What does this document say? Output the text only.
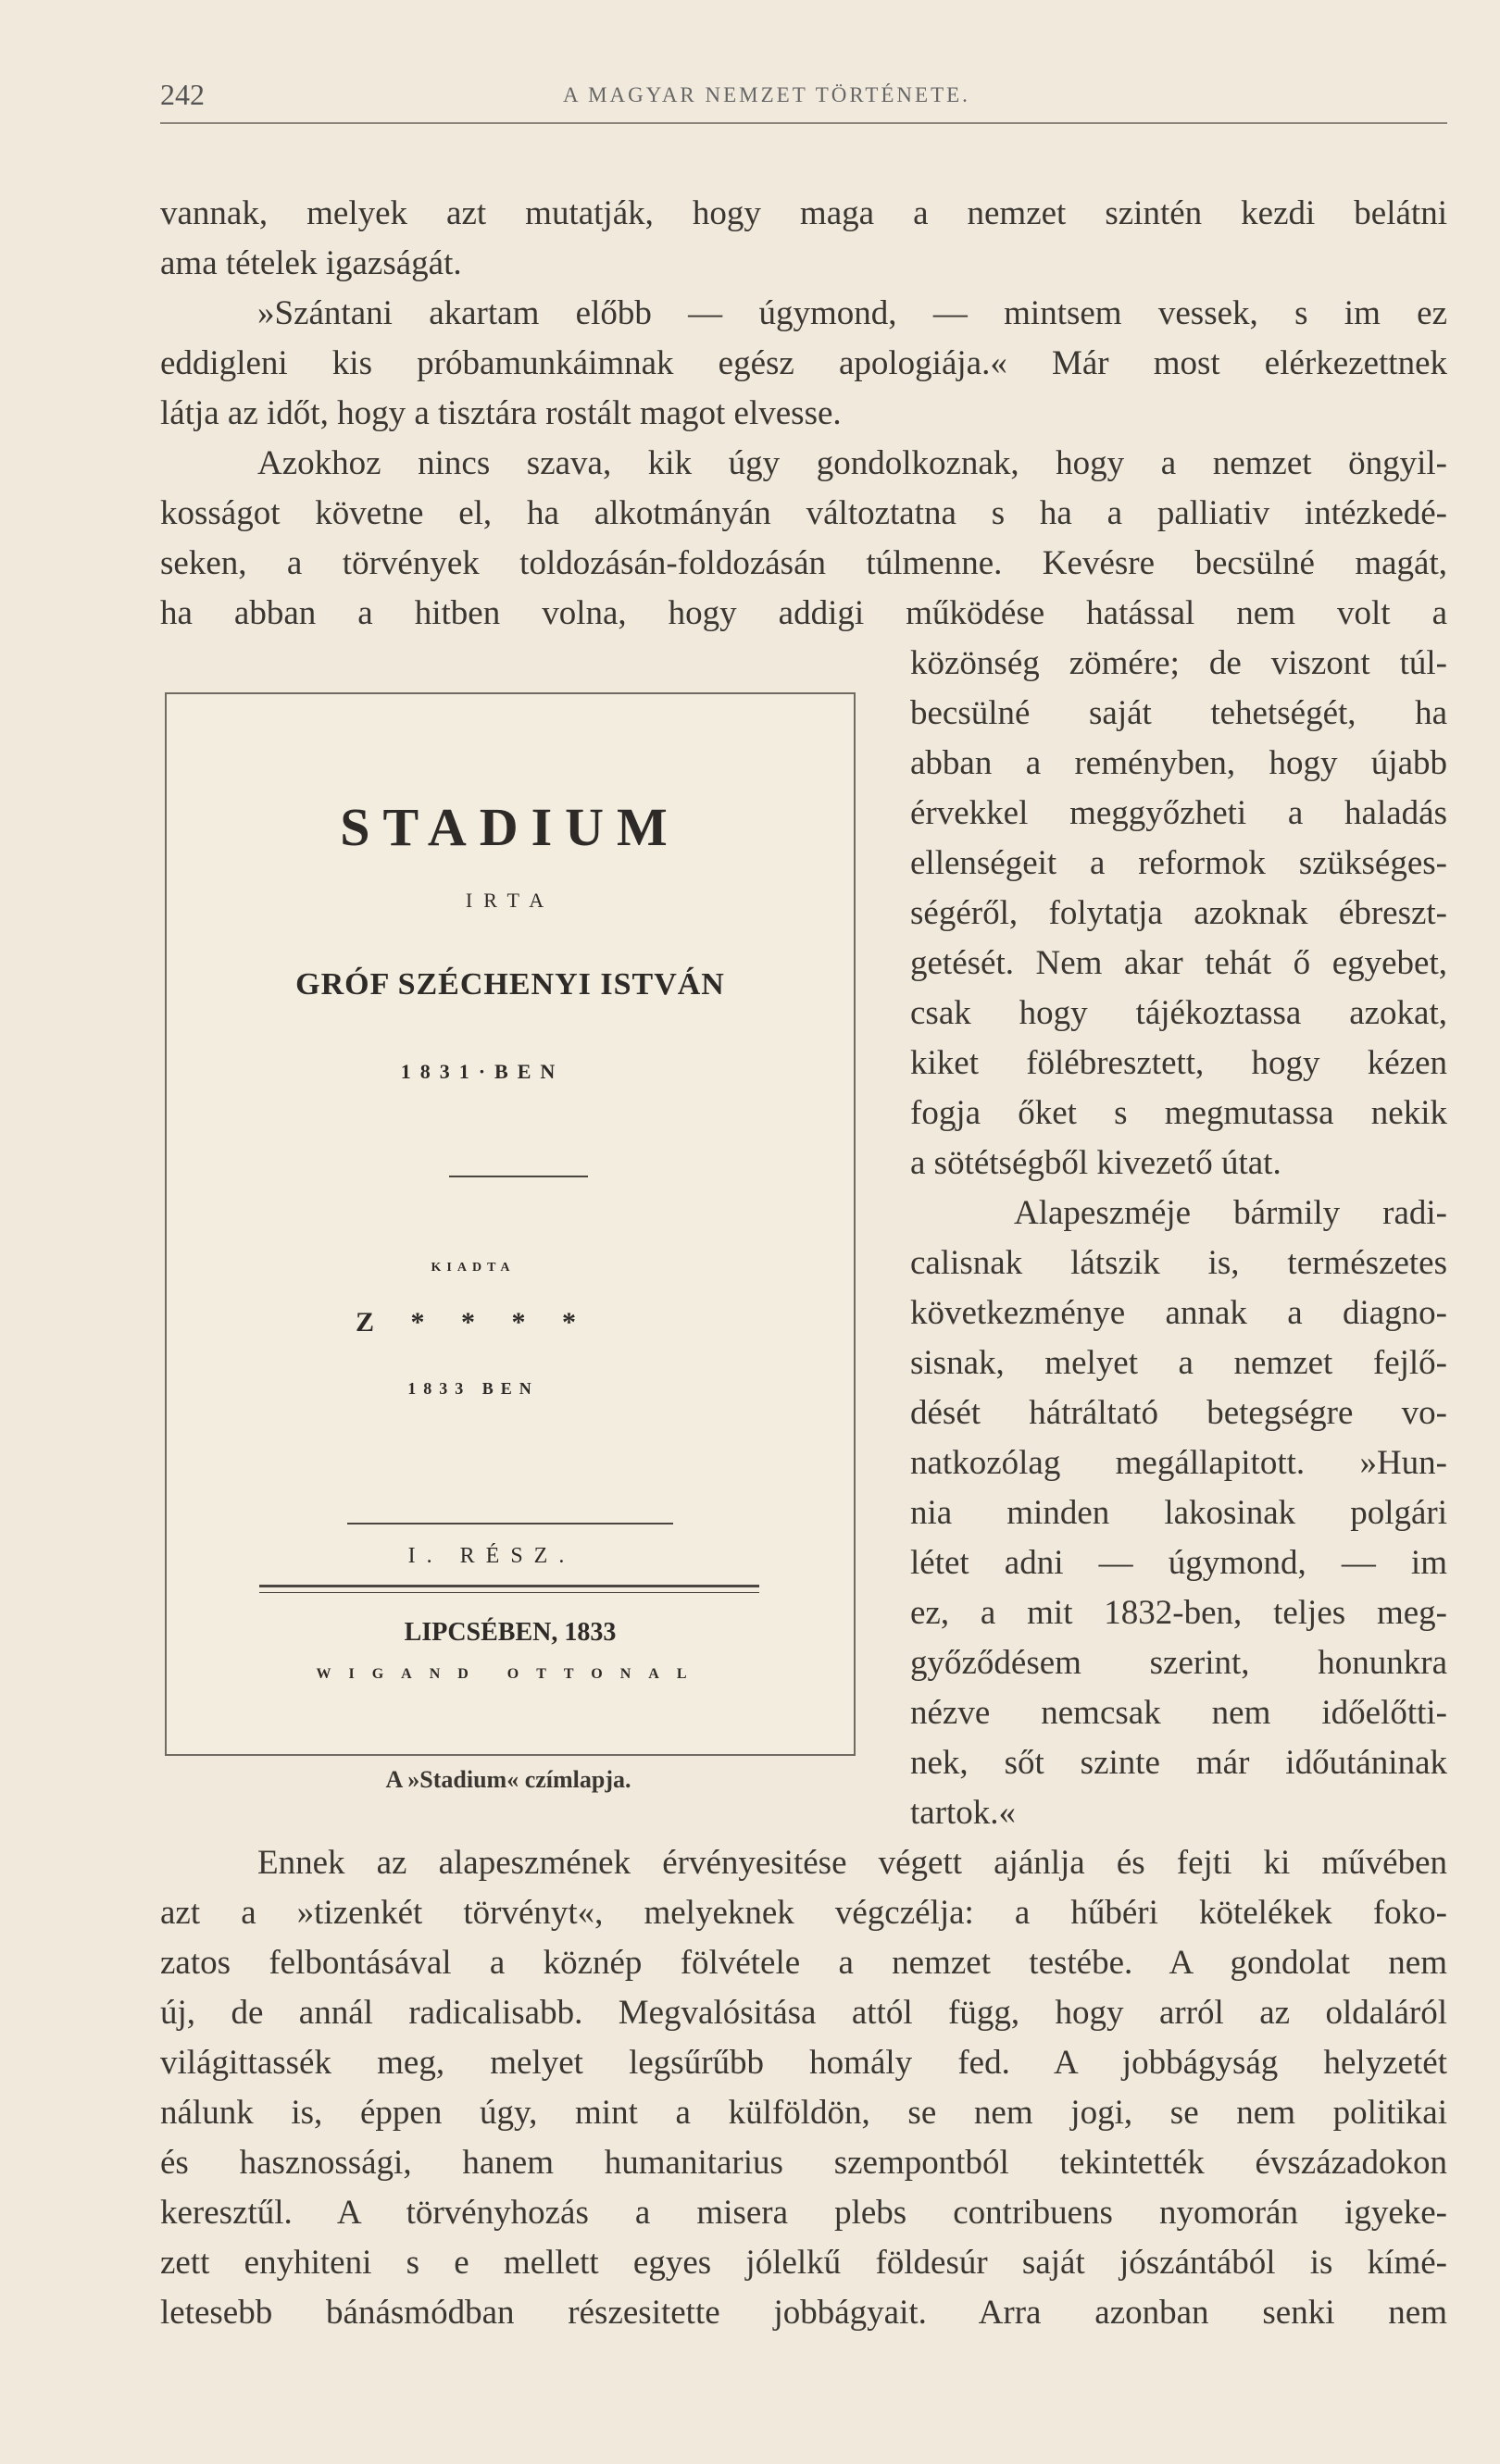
242	A MAGYAR NEMZET TÖRTÉNETE.
vannak, melyek azt mutatják, hogy maga a nemzet szintén kezdi belátni
ama tételek igazságát.
»Szántani akartam előbb — úgymond, — mintsem vessek, s im ez
eddigleni kis próbamunkáimnak egész apologiája.« Már most elérkezettnek
látja az időt, hogy a tisztára rostált magot elvesse.
Azokhoz nincs szava, kik úgy gondolkoznak, hogy a nemzet öngyil-
kosságot követne el, ha alkotmányán változtatna s ha a palliativ intézkedé-
seken, a törvények toldozásán-foldozásán túlmenne. Kevésre becsülné magát,
ha abban a hitben volna, hogy addigi működése hatással nem volt a
közönség zömére; de viszont túl-
becsülné saját tehetségét, ha
abban a reményben, hogy újabb
érvekkel meggyőzheti a haladás
ellenségeit a reformok szükséges-
ségéről, folytatja azoknak ébreszt-
getését. Nem akar tehát ő egyebet,
csak hogy tájékoztassa azokat,
kiket fölébresztett, hogy kézen
fogja őket s megmutassa nekik
a sötétségből kivezető útat.
Alapeszméje bármily radi-
calisnak látszik is, természetes
következménye annak a diagno-
sisnak, melyet a nemzet fejlő-
dését hátráltató betegségre vo-
natkozólag megállapitott. »Hun-
nia minden lakosinak polgári
létet adni — úgymond, — im
ez, a mit 1832-ben, teljes meg-
győződésem szerint, honunkra
nézve nemcsak nem időelőtti-
nek, sőt szinte már időutáninak
tartok.«
Ennek az alapeszmének érvényesitése végett ajánlja és fejti ki művében
azt a »tizenkét törvényt«, melyeknek végczélja: a hűbéri kötelékek foko-
zatos felbontásával a köznép fölvétele a nemzet testébe. A gondolat nem
új, de annál radicalisabb. Megvalósitása attól függ, hogy arról az oldaláról
világittassék meg, melyet legsűrűbb homály fed. A jobbágyság helyzetét
nálunk is, éppen úgy, mint a külföldön, se nem jogi, se nem politikai
és hasznossági, hanem humanitarius szempontból tekintették évszázadokon
keresztűl. A törvényhozás a misera plebs contribuens nyomorán igyeke-
zett enyhiteni s e mellett egyes jólelkű földesúr saját jószántából is kímé-
letesebb bánásmódban részesitette jobbágyait. Arra azonban senki nem
STADIUM
IRTA
GRÓF SZÉCHENYI ISTVÁN
1831·BEN
KIADTA
Z * * * *
1833 BEN
I. RÉSZ.
LIPCSÉBEN, 1833
WIGAND OTTONAL
A »Stadium« czímlapja.
